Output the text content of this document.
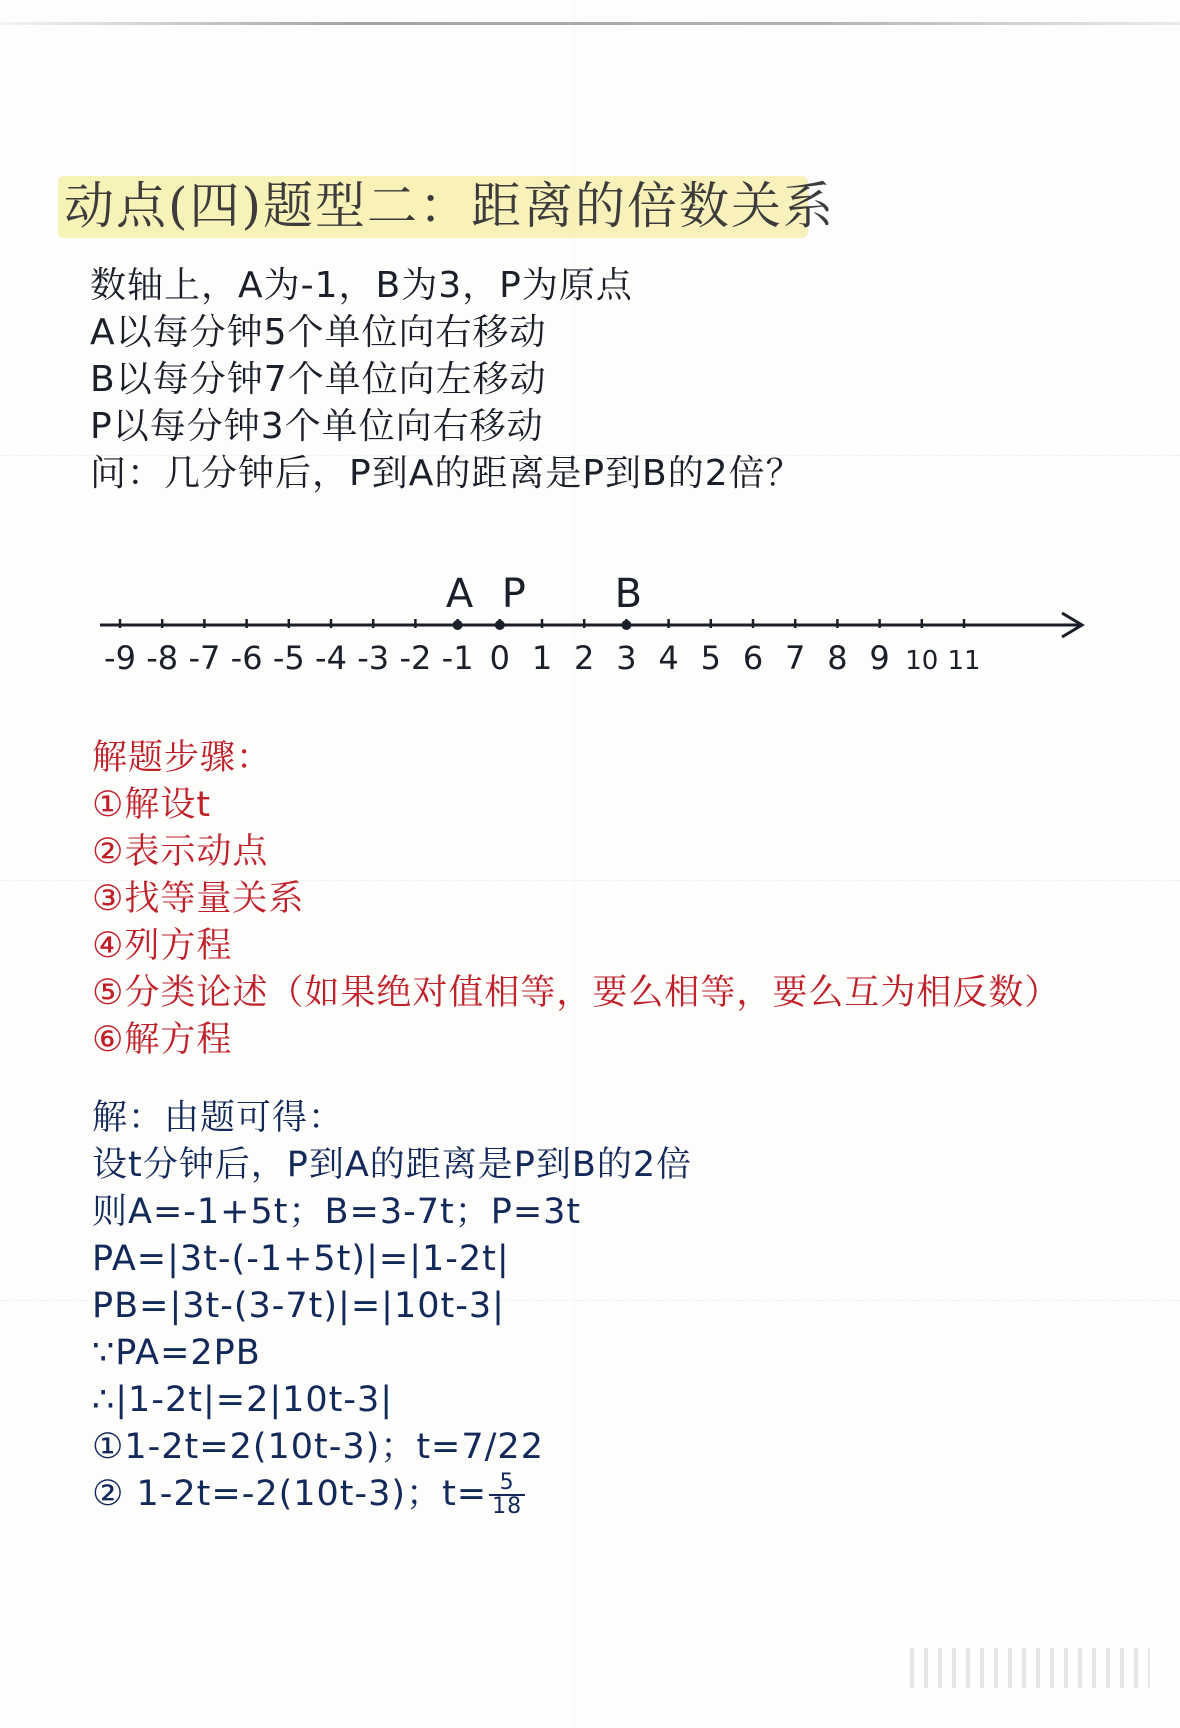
动点(四)题型二：距离的倍数关系
数轴上，A为-1，B为3，P为原点
A以每分钟5个单位向右移动
B以每分钟7个单位向左移动
P以每分钟3个单位向右移动
问：几分钟后，P到A的距离是P到B的2倍？
-9 -8 -7 -6 -5 -4 -3 -2 -1 0 1 2 3 4 5 6 7 8 9 10 11
A P B
解题步骤：
①解设t
②表示动点
③找等量关系
④列方程
⑤分类论述（如果绝对值相等，要么相等，要么互为相反数）
⑥解方程
解：由题可得：
设t分钟后，P到A的距离是P到B的2倍
则A=-1+5t；B=3-7t；P=3t
PA=|3t-(-1+5t)|=|1-2t|
PB=|3t-(3-7t)|=|10t-3|
∵PA=2PB
∴|1-2t|=2|10t-3|
①1-2t=2(10t-3)；t=7/22
② 1-2t=-2(10t-3)；$t= \frac{5}{18}$
